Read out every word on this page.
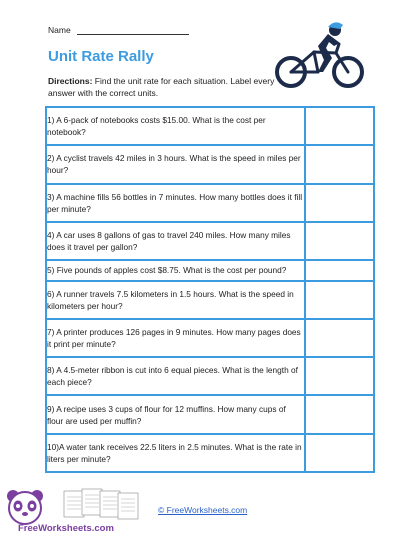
Name
Unit Rate Rally

Directions: Find the unit rate for each situation. Label every answer with the correct units.

1) A 6-pack of notebooks costs $15.00. What is the cost per notebook?	
2) A cyclist travels 42 miles in 3 hours. What is the speed in miles per hour?	
3) A machine fills 56 bottles in 7 minutes. How many bottles does it fill per minute?	
4) A car uses 8 gallons of gas to travel 240 miles. How many miles does it travel per gallon?	
5) Five pounds of apples cost $8.75. What is the cost per pound?	
6) A runner travels 7.5 kilometers in 1.5 hours. What is the speed in kilometers per hour?	
7) A printer produces 126 pages in 9 minutes. How many pages does it print per minute?	
8) A 4.5-meter ribbon is cut into 6 equal pieces. What is the length of each piece?	
9) A recipe uses 3 cups of flour for 12 muffins. How many cups of flour are used per muffin?	
10)A water tank receives 22.5 liters in 2.5 minutes. What is the rate in liters per minute?	
FreeWorksheets.com
© FreeWorksheets.com
